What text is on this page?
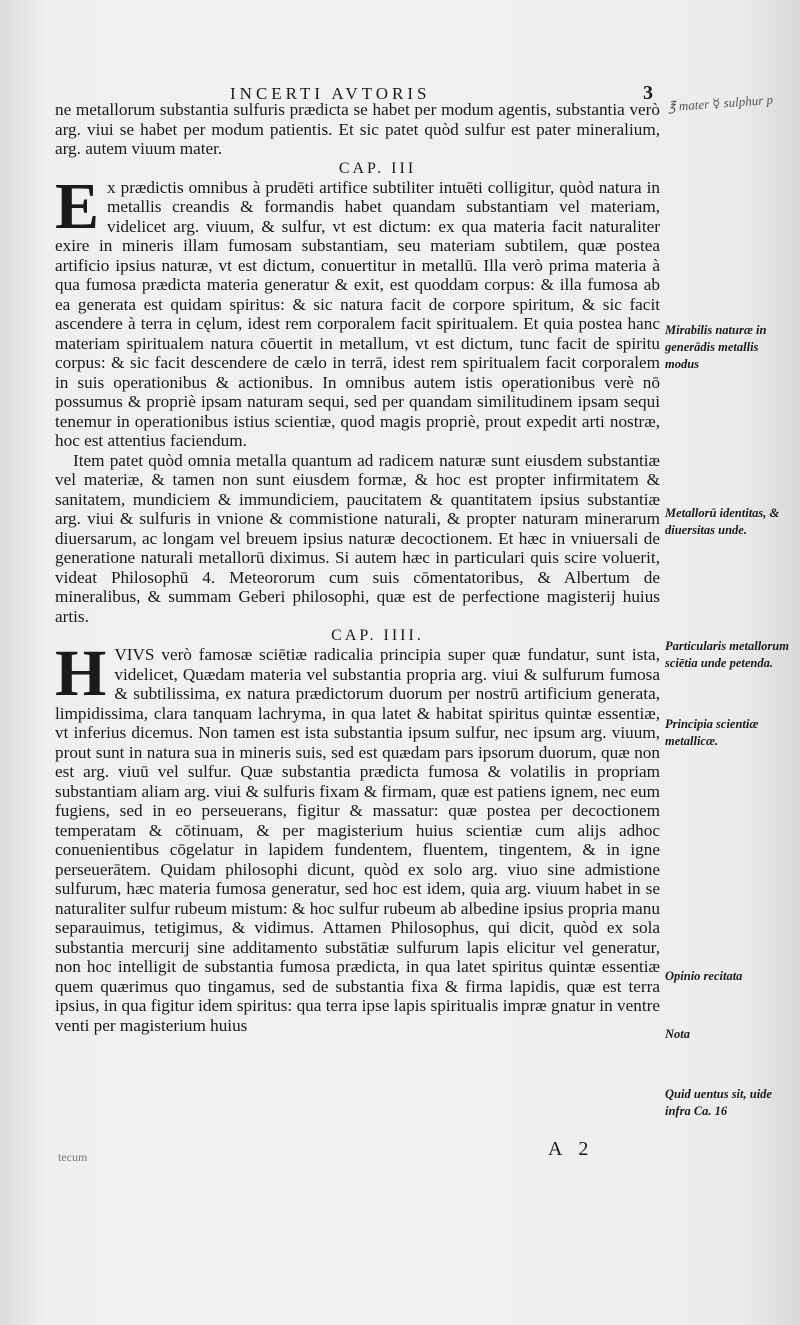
INCERTI AVTORIS	3 ℥ mater ☿ sulphur p

ne metallorum substantia sulfuris prædicta se habet per modum agentis, substantia verò arg. viui se habet per modum patientis. Et sic patet quòd sulfur est pater mineralium, arg. autem viuum mater.

CAP. III

E x prædictis omnibus à prudēti artifice subtiliter intuēti colligitur, quòd natura in metallis creandis & formandis habet quandam substantiam vel materiam, videlicet arg. viuum, & sulfur, vt est dictum: ex qua materia facit naturaliter exire in mineris illam fumosam substantiam, seu materiam subtilem, quæ postea artificio ipsius naturæ, vt est dictum, conuertitur in metallū. Illa verò prima materia à qua fumosa prædicta materia generatur & exit, est quoddam corpus: & illa fumosa ab ea generata est quidam spiritus: & sic natura facit de corpore spiritum, & sic facit ascendere à terra in cęlum, idest rem corporalem facit spiritualem. Et quia postea hanc materiam spiritualem natura cōuertit in metallum, vt est dictum, tunc facit de spiritu corpus: & sic facit descendere de cælo in terrā, idest rem spiritualem facit corporalem in suis operationibus & actionibus. In omnibus autem istis operationibus verè nō possumus & propriè ipsam naturam sequi, sed per quandam similitudinem ipsam sequi tenemur in operationibus istius scientiæ, quod magis propriè, prout expedit arti nostræ, hoc est attentius faciendum.

Item patet quòd omnia metalla quantum ad radicem naturæ sunt eiusdem substantiæ vel materiæ, & tamen non sunt eiusdem formæ, & hoc est propter infirmitatem & sanitatem, mundiciem & immundiciem, paucitatem & quantitatem ipsius substantiæ arg. viui & sulfuris in vnione & commistione naturali, & propter naturam minerarum diuersarum, ac longam vel breuem ipsius naturæ decoctionem. Et hæc in vniuersali de generatione naturali metallorū diximus. Si autem hæc in particulari quis scire voluerit, videat Philosophū 4. Meteororum cum suis cōmentatoribus, & Albertum de mineralibus, & summam Geberi philosophi, quæ est de perfectione magisterij huius artis.

CAP. IIII.

H VIVS verò famosæ sciētiæ radicalia principia super quæ fundatur, sunt ista, videlicet, Quædam materia vel substantia propria arg. viui & sulfurum fumosa & subtilissima, ex natura prædictorum duorum per nostrū artificium generata, limpidissima, clara tanquam lachryma, in qua latet & habitat spiritus quintæ essentiæ, vt inferius dicemus. Non tamen est ista substantia ipsum sulfur, nec ipsum arg. viuum, prout sunt in natura sua in mineris suis, sed est quædam pars ipsorum duorum, quæ non est arg. viuū vel sulfur. Quæ substantia prædicta fumosa & volatilis in propriam substantiam aliam arg. viui & sulfuris fixam & firmam, quæ est patiens ignem, nec eum fugiens, sed in eo perseuerans, figitur & massatur: quæ postea per decoctionem temperatam & cōtinuam, & per magisterium huius scientiæ cum alijs adhoc conuenientibus cōgelatur in lapidem fundentem, fluentem, tingentem, & in igne perseuerātem. Quidam philosophi dicunt, quòd ex solo arg. viuo sine admistione sulfurum, hæc materia fumosa generatur, sed hoc est idem, quia arg. viuum habet in se naturaliter sulfur rubeum mistum: & hoc sulfur rubeum ab albedine ipsius propria manu separauimus, tetigimus, & vidimus. Attamen Philosophus, qui dicit, quòd ex sola substantia mercurij sine additamento substātiæ sulfurum lapis elicitur vel generatur, non hoc intelligit de substantia fumosa prædicta, in qua latet spiritus quintæ essentiæ quem quærimus quo tingamus, sed de substantia fixa & firma lapidis, quæ est terra ipsius, in qua figitur idem spiritus: qua terra ipse lapis spiritualis impræ gnatur in ventre venti per magisterium huius

Mirabilis naturæ in generādis metallis modus
Metallorū identitas, & diuersitas unde.
Particularis metallorum sciētia unde petenda.
Principia scientiæ metallicæ.
Opinio recitata
Nota
Quid uentus sit, uide infra Ca. 16
tecum	A 2
